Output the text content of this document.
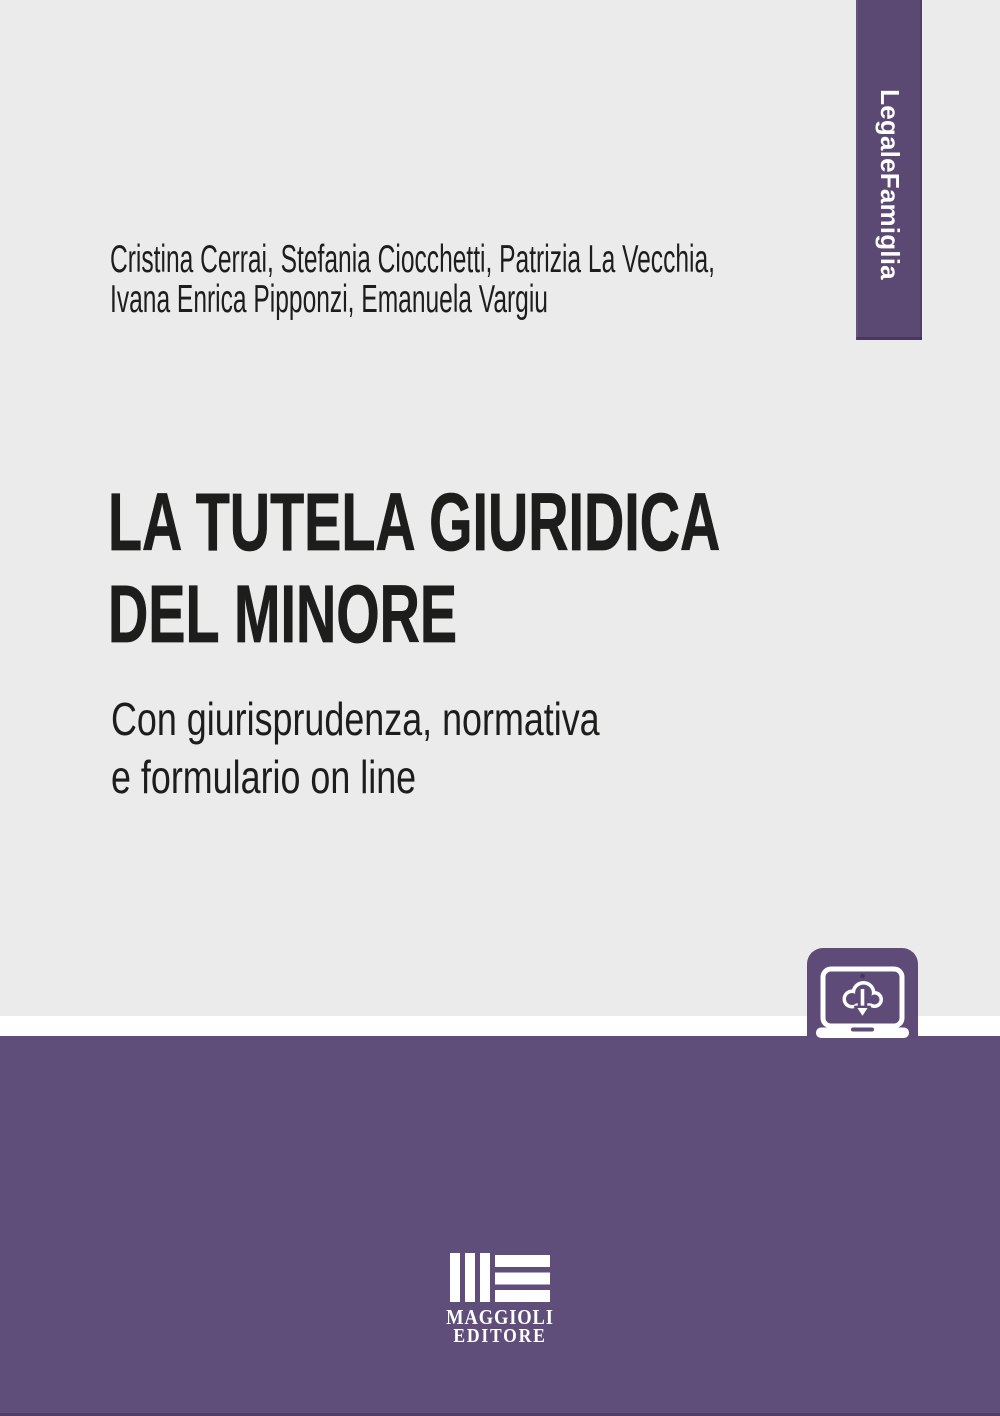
LegaleFamiglia
Cristina Cerrai, Stefania Ciocchetti, Patrizia La Vecchia,
Ivana Enrica Pipponzi, Emanuela Vargiu
LA TUTELA GIURIDICA
DEL MINORE
Con giurisprudenza, normativa
e formulario on line
MAGGIOLI
EDITORE
